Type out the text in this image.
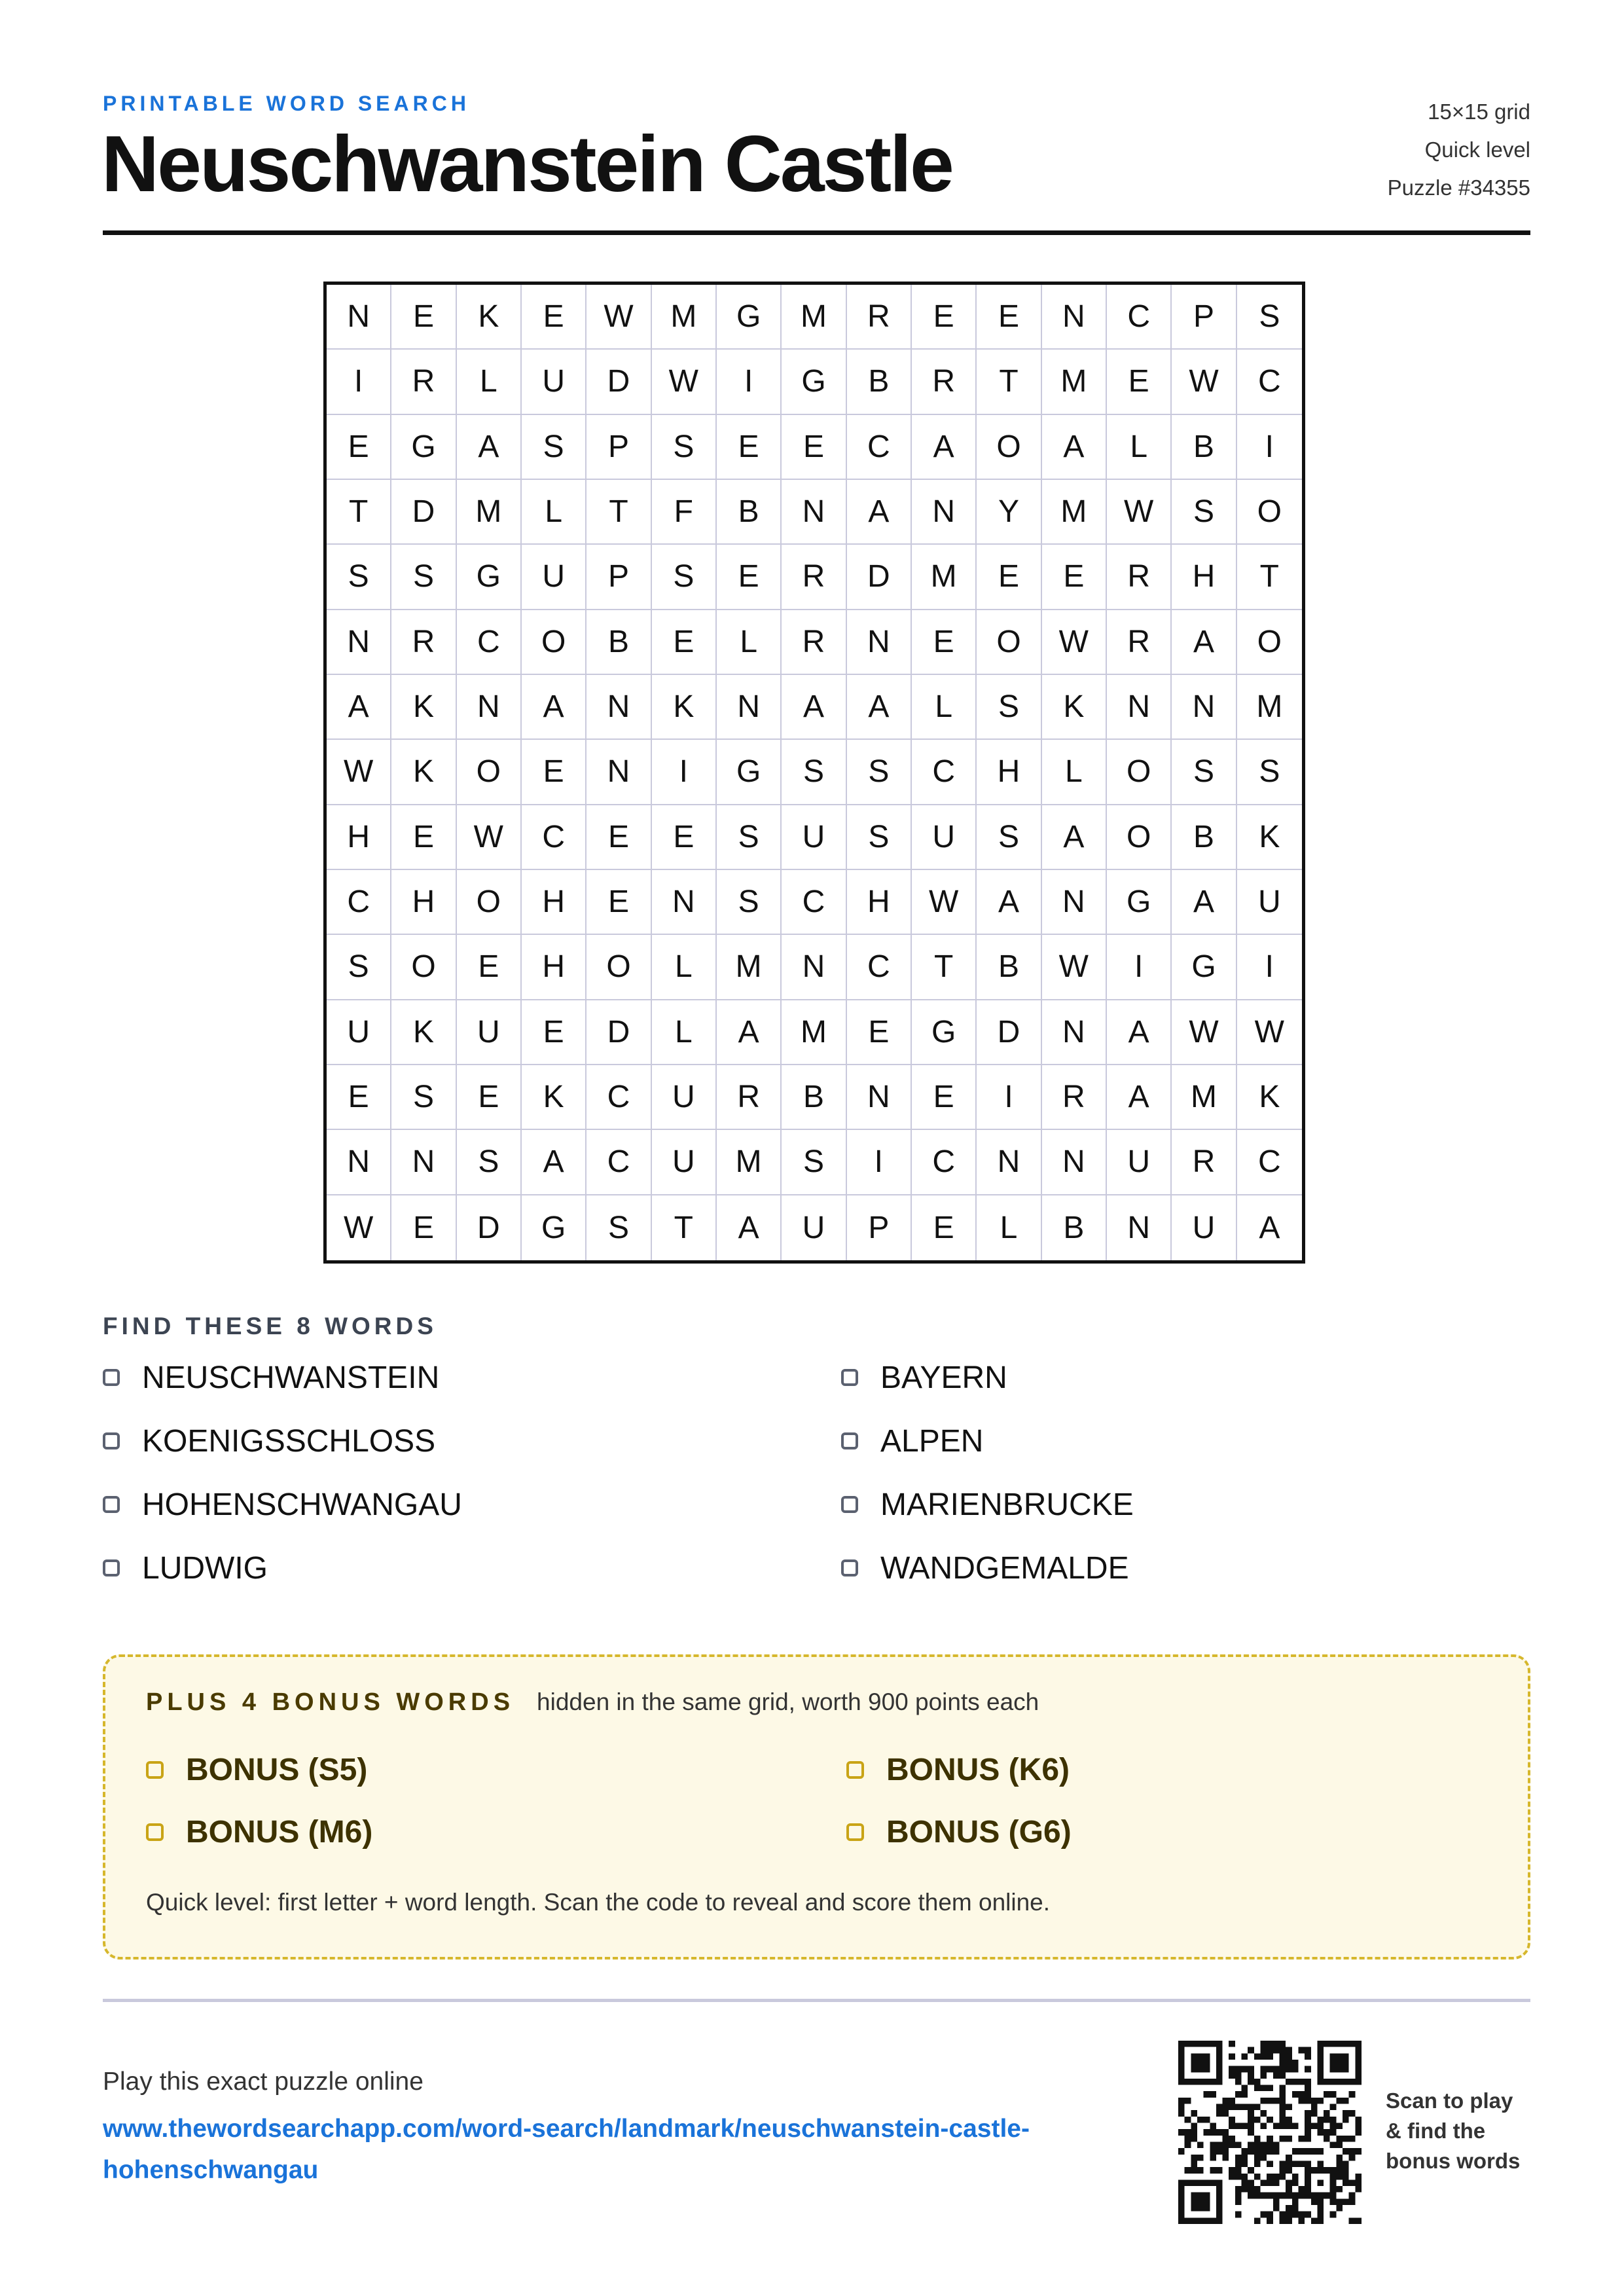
PRINTABLE WORD SEARCH
Neuschwanstein Castle
15×15 grid
Quick level
Puzzle #34355
N	E	K	E	W	M	G	M	R	E	E	N	C	P	S
I	R	L	U	D	W	I	G	B	R	T	M	E	W	C
E	G	A	S	P	S	E	E	C	A	O	A	L	B	I
T	D	M	L	T	F	B	N	A	N	Y	M	W	S	O
S	S	G	U	P	S	E	R	D	M	E	E	R	H	T
N	R	C	O	B	E	L	R	N	E	O	W	R	A	O
A	K	N	A	N	K	N	A	A	L	S	K	N	N	M
W	K	O	E	N	I	G	S	S	C	H	L	O	S	S
H	E	W	C	E	E	S	U	S	U	S	A	O	B	K
C	H	O	H	E	N	S	C	H	W	A	N	G	A	U
S	O	E	H	O	L	M	N	C	T	B	W	I	G	I
U	K	U	E	D	L	A	M	E	G	D	N	A	W	W
E	S	E	K	C	U	R	B	N	E	I	R	A	M	K
N	N	S	A	C	U	M	S	I	C	N	N	U	R	C
W	E	D	G	S	T	A	U	P	E	L	B	N	U	A
FIND THESE 8 WORDS
NEUSCHWANSTEIN	BAYERN
KOENIGSSCHLOSS	ALPEN
HOHENSCHWANGAU	MARIENBRUCKE
LUDWIG	WANDGEMALDE
PLUS 4 BONUS WORDS hidden in the same grid, worth 900 points each
BONUS (S5)	BONUS (K6)
BONUS (M6)	BONUS (G6)
Quick level: first letter + word length. Scan the code to reveal and score them online.
Play this exact puzzle online
www.thewordsearchapp.com/word-search/landmark/neuschwanstein-castle-
hohenschwangau
Scan to play
& find the
bonus words
